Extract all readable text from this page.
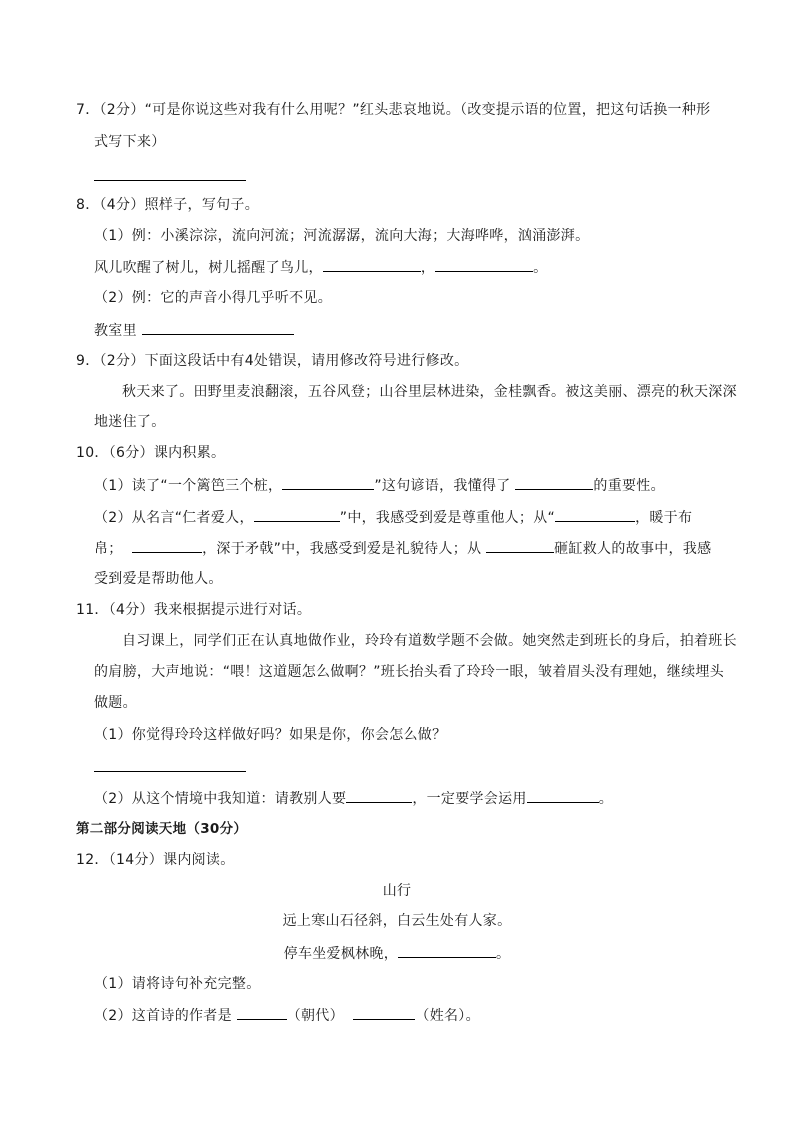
7．（2分）“可是你说这些对我有什么用呢？”红头悲哀地说。（改变提示语的位置，把这句话换一种形
式写下来）
8．（4分）照样子，写句子。
（1）例：小溪淙淙，流向河流；河流潺潺，流向大海；大海哗哗，汹涌澎湃。
风儿吹醒了树儿，树儿摇醒了鸟儿，	，	。
（2）例：它的声音小得几乎听不见。
教室里
9．（2分）下面这段话中有4处错误，请用修改符号进行修改。
秋天来了。田野里麦浪翻滚，五谷风登；山谷里层林进染，金桂飘香。被这美丽、漂亮的秋天深深
地迷住了。
10．（6分）课内积累。
（1）读了“一个篱笆三个桩，	”这句谚语，我懂得了	的重要性。
（2）从名言“仁者爱人，	”中，我感受到爱是尊重他人；从“	，暖于布
帛；	，深于矛戟”中，我感受到爱是礼貌待人；从	砸缸救人的故事中，我感
受到爱是帮助他人。
11．（4分）我来根据提示进行对话。
自习课上，同学们正在认真地做作业，玲玲有道数学题不会做。她突然走到班长的身后，拍着班长
的肩膀，大声地说：“喂！这道题怎么做啊？”班长抬头看了玲玲一眼，皱着眉头没有理她，继续埋头
做题。
（1）你觉得玲玲这样做好吗？如果是你，你会怎么做？
（2）从这个情境中我知道：请教别人要	，一定要学会运用	。
第二部分阅读天地（30分）
12．（14分）课内阅读。
山行
远上寒山石径斜，白云生处有人家。
停车坐爱枫林晚，	。
（1）请将诗句补充完整。
（2）这首诗的作者是	（朝代）	（姓名）。
